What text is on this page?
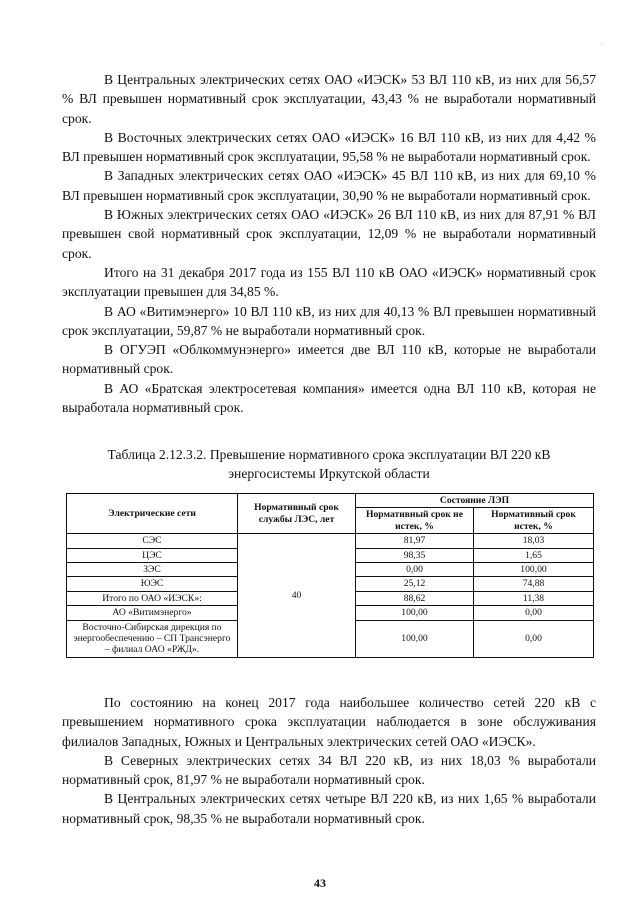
·

В Центральных электрических сетях ОАО «ИЭСК» 53 ВЛ 110 кВ, из них для 56,57 % ВЛ превышен нормативный срок эксплуатации, 43,43 % не выработали нормативный срок.

В Восточных электрических сетях ОАО «ИЭСК» 16 ВЛ 110 кВ, из них для 4,42 % ВЛ превышен нормативный срок эксплуатации, 95,58 % не выработали нормативный срок.

В Западных электрических сетях ОАО «ИЭСК» 45 ВЛ 110 кВ, из них для 69,10 % ВЛ превышен нормативный срок эксплуатации, 30,90 % не выработали нормативный срок.

В Южных электрических сетях ОАО «ИЭСК» 26 ВЛ 110 кВ, из них для 87,91 % ВЛ превышен свой нормативный срок эксплуатации, 12,09 % не выработали нормативный срок.

Итого на 31 декабря 2017 года из 155 ВЛ 110 кВ ОАО «ИЭСК» нормативный срок эксплуатации превышен для 34,85 %.

В АО «Витимэнерго» 10 ВЛ 110 кВ, из них для 40,13 % ВЛ превышен нормативный срок эксплуатации, 59,87 % не выработали нормативный срок.

В ОГУЭП «Облкоммунэнерго» имеется две ВЛ 110 кВ, которые не выработали нормативный срок.

В АО «Братская электросетевая компания» имеется одна ВЛ 110 кВ, которая не выработала нормативный срок.

Таблица 2.12.3.2. Превышение нормативного срока эксплуатации ВЛ 220 кВ
энергосистемы Иркутской области
Электрические сети	Нормативный срок службы ЛЭС, лет	Состояние ЛЭП	
		Нормативный срок не истек, %	Нормативный срок истек, %
СЭС	40	81,97	18,03
ЦЭС		98,35	1,65
ЗЭС		0,00	100,00
ЮЭС		25,12	74,88
Итого по ОАО «ИЭСК»:		88,62	11,38
АО «Витимэнерго»		100,00	0,00
Восточно-Сибирская дирекция по энергообеспечению – СП Трансэнерго – филиал ОАО «РЖД».		100,00	0,00

По состоянию на конец 2017 года наибольшее количество сетей 220 кВ с превышением нормативного срока эксплуатации наблюдается в зоне обслуживания филиалов Западных, Южных и Центральных электрических сетей ОАО «ИЭСК».

В Северных электрических сетях 34 ВЛ 220 кВ, из них 18,03 % выработали нормативный срок, 81,97 % не выработали нормативный срок.

В Центральных электрических сетях четыре ВЛ 220 кВ, из них 1,65 % выработали нормативный срок, 98,35 % не выработали нормативный срок.

43
